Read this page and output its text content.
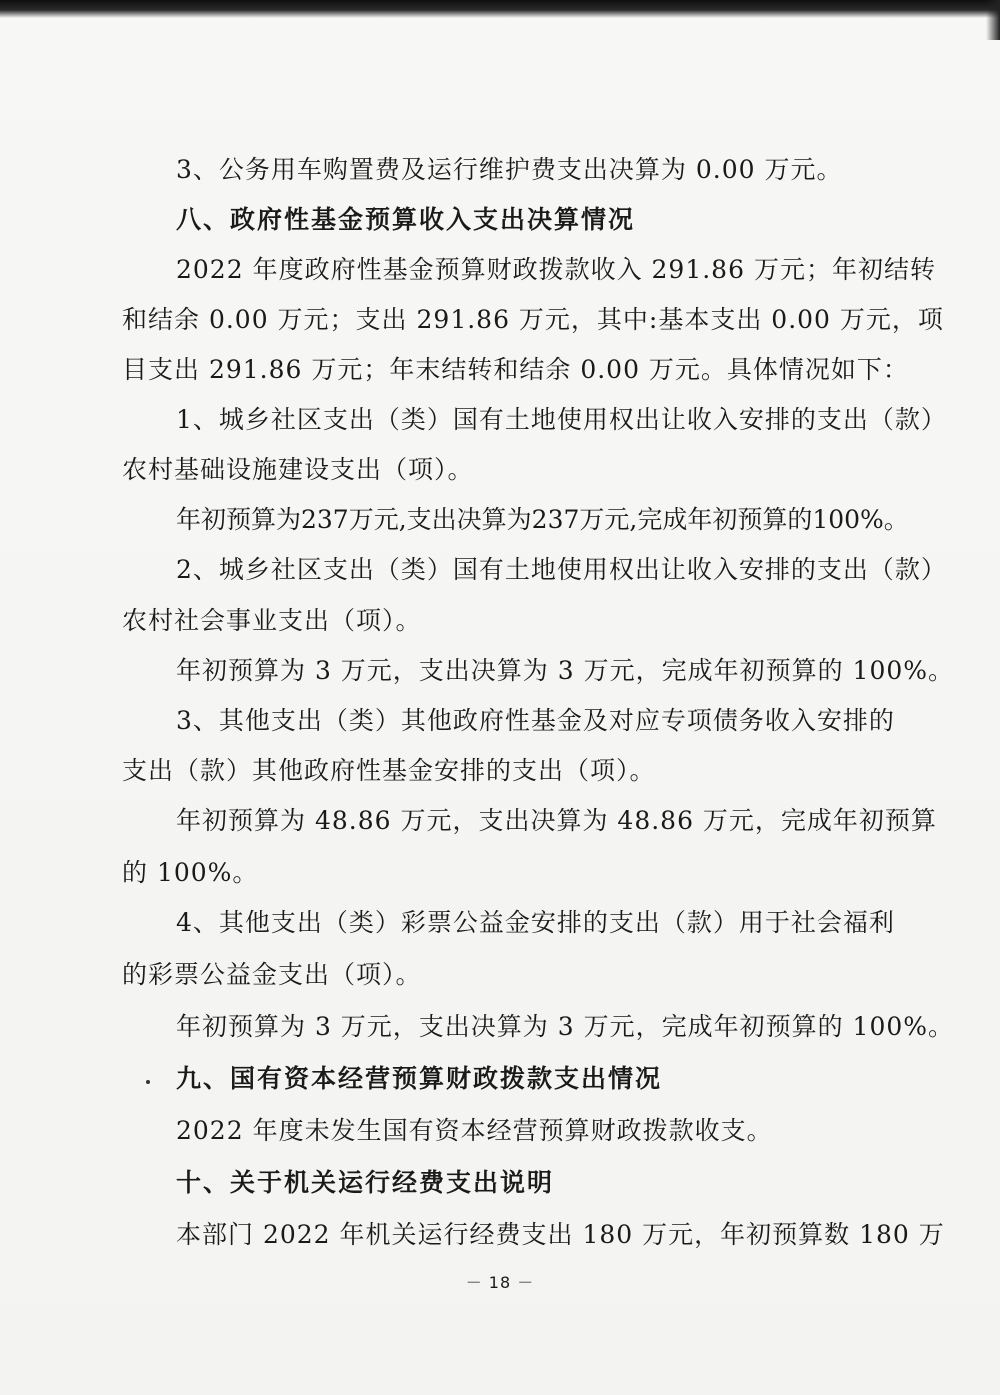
3、公务用车购置费及运行维护费支出决算为 0.00 万元。
八、政府性基金预算收入支出决算情况
2022 年度政府性基金预算财政拨款收入 291.86 万元；年初结转
和结余 0.00 万元；支出 291.86 万元，其中:基本支出 0.00 万元，项
目支出 291.86 万元；年末结转和结余 0.00 万元。具体情况如下：
1、城乡社区支出（类）国有土地使用权出让收入安排的支出（款）
农村基础设施建设支出（项）。
年初预算为237万元,支出决算为237万元,完成年初预算的100%。
2、城乡社区支出（类）国有土地使用权出让收入安排的支出（款）
农村社会事业支出（项）。
年初预算为 3 万元，支出决算为 3 万元，完成年初预算的 100%。
3、其他支出（类）其他政府性基金及对应专项债务收入安排的
支出（款）其他政府性基金安排的支出（项）。
年初预算为 48.86 万元，支出决算为 48.86 万元，完成年初预算
的 100%。
4、其他支出（类）彩票公益金安排的支出（款）用于社会福利
的彩票公益金支出（项）。
年初预算为 3 万元，支出决算为 3 万元，完成年初预算的 100%。
九、国有资本经营预算财政拨款支出情况
2022 年度未发生国有资本经营预算财政拨款收支。
十、关于机关运行经费支出说明
本部门 2022 年机关运行经费支出 180 万元，年初预算数 180 万
－ 18 －
